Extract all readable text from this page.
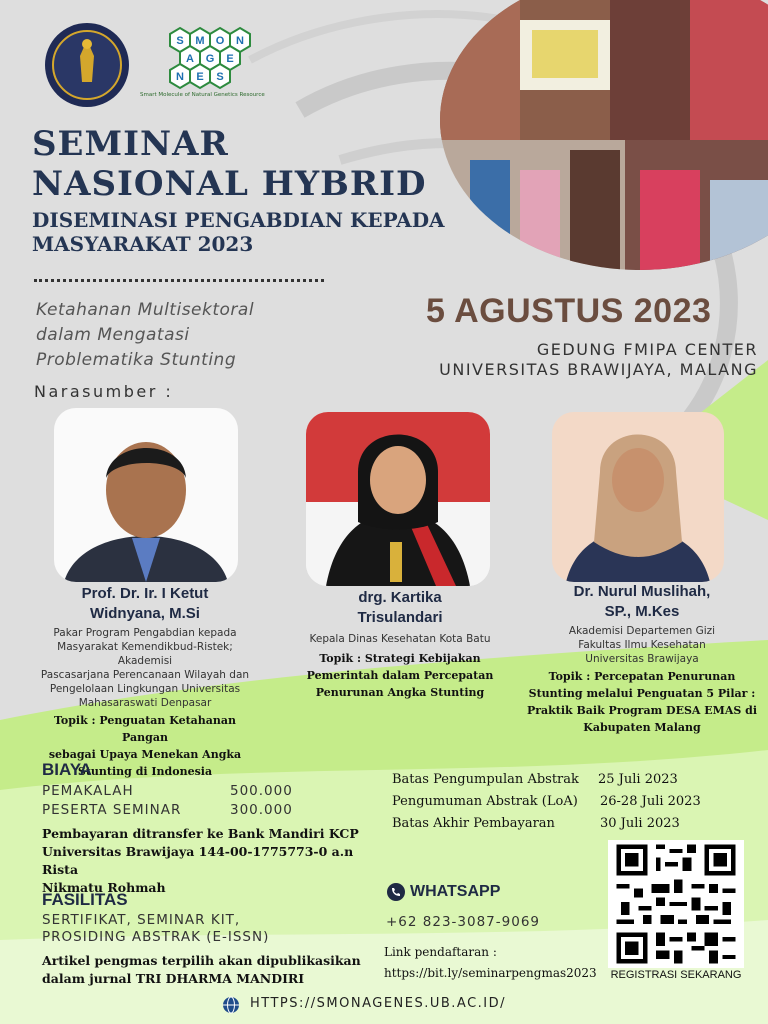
S M O N
A G E
N E S
Smart Molecule of Natural Genetics Resource
SEMINAR
NASIONAL HYBRID
DISEMINASI PENGABDIAN KEPADA
MASYARAKAT 2023
Ketahanan Multisektoral
dalam Mengatasi
Problematika Stunting
5 AGUSTUS 2023
GEDUNG FMIPA CENTER
UNIVERSITAS BRAWIJAYA, MALANG
Narasumber :
Prof. Dr. Ir. I Ketut
Widnyana, M.Si
Pakar Program Pengabdian kepada
Masyarakat Kemendikbud-Ristek; Akademisi
Pascasarjana Perencanaan Wilayah dan
Pengelolaan Lingkungan Universitas
Mahasaraswati Denpasar
Topik : Penguatan Ketahanan Pangan
sebagai Upaya Menekan Angka
Stunting di Indonesia
drg. Kartika
Trisulandari
Kepala Dinas Kesehatan Kota Batu
Topik : Strategi Kebijakan
Pemerintah dalam Percepatan
Penurunan Angka Stunting
Dr. Nurul Muslihah,
SP., M.Kes
Akademisi Departemen Gizi
Fakultas Ilmu Kesehatan
Universitas Brawijaya
Topik : Percepatan Penurunan
Stunting melalui Penguatan 5 Pilar :
Praktik Baik Program DESA EMAS di
Kabupaten Malang
BIAYA
PEMAKALAH	500.000
PESERTA SEMINAR	300.000
Pembayaran ditransfer ke Bank Mandiri KCP
Universitas Brawijaya 144-00-1775773-0 a.n Rista
Nikmatu Rohmah
Batas Pengumpulan Abstrak	25 Juli 2023
Pengumuman Abstrak (LoA)	26-28 Juli 2023
Batas Akhir Pembayaran	30 Juli 2023
FASILITAS
SERTIFIKAT, SEMINAR KIT,
PROSIDING ABSTRAK (E-ISSN)
Artikel pengmas terpilih akan dipublikasikan
dalam jurnal TRI DHARMA MANDIRI
WHATSAPP
+62 823-3087-9069
Link pendaftaran :
https://bit.ly/seminarpengmas2023	REGISTRASI SEKARANG
HTTPS://SMONAGENES.UB.AC.ID/
